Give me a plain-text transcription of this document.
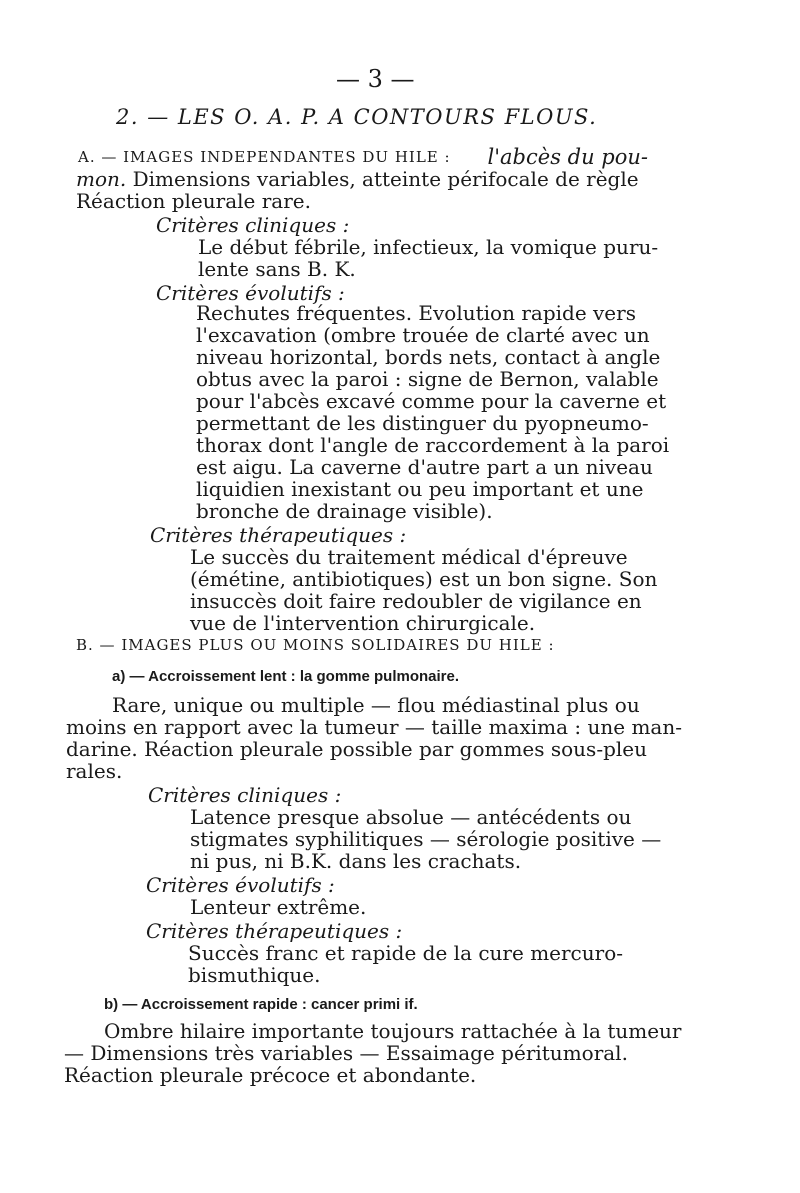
— 3 —
2. — LES O. A. P. A CONTOURS FLOUS.
A. — IMAGES INDEPENDANTES DU HILE : l'abcès du pou-
mon. Dimensions variables, atteinte périfocale de règle
Réaction pleurale rare.
Critères cliniques :
Le début fébrile, infectieux, la vomique puru-
lente sans B. K.
Critères évolutifs :
Rechutes fréquentes. Evolution rapide vers
l'excavation (ombre trouée de clarté avec un
niveau horizontal, bords nets, contact à angle
obtus avec la paroi : signe de Bernon, valable
pour l'abcès excavé comme pour la caverne et
permettant de les distinguer du pyopneumo-
thorax dont l'angle de raccordement à la paroi
est aigu. La caverne d'autre part a un niveau
liquidien inexistant ou peu important et une
bronche de drainage visible).
Critères thérapeutiques :
Le succès du traitement médical d'épreuve
(émétine, antibiotiques) est un bon signe. Son
insuccès doit faire redoubler de vigilance en
vue de l'intervention chirurgicale.
B. — IMAGES PLUS OU MOINS SOLIDAIRES DU HILE :
a) — Accroissement lent : la gomme pulmonaire.
Rare, unique ou multiple — flou médiastinal plus ou
moins en rapport avec la tumeur — taille maxima : une man-
darine. Réaction pleurale possible par gommes sous-pleu
rales.
Critères cliniques :
Latence presque absolue — antécédents ou
stigmates syphilitiques — sérologie positive —
ni pus, ni B.K. dans les crachats.
Critères évolutifs :
Lenteur extrême.
Critères thérapeutiques :
Succès franc et rapide de la cure mercuro-
bismuthique.
b) — Accroissement rapide : cancer primi if.
Ombre hilaire importante toujours rattachée à la tumeur
— Dimensions très variables — Essaimage péritumoral.
Réaction pleurale précoce et abondante.
